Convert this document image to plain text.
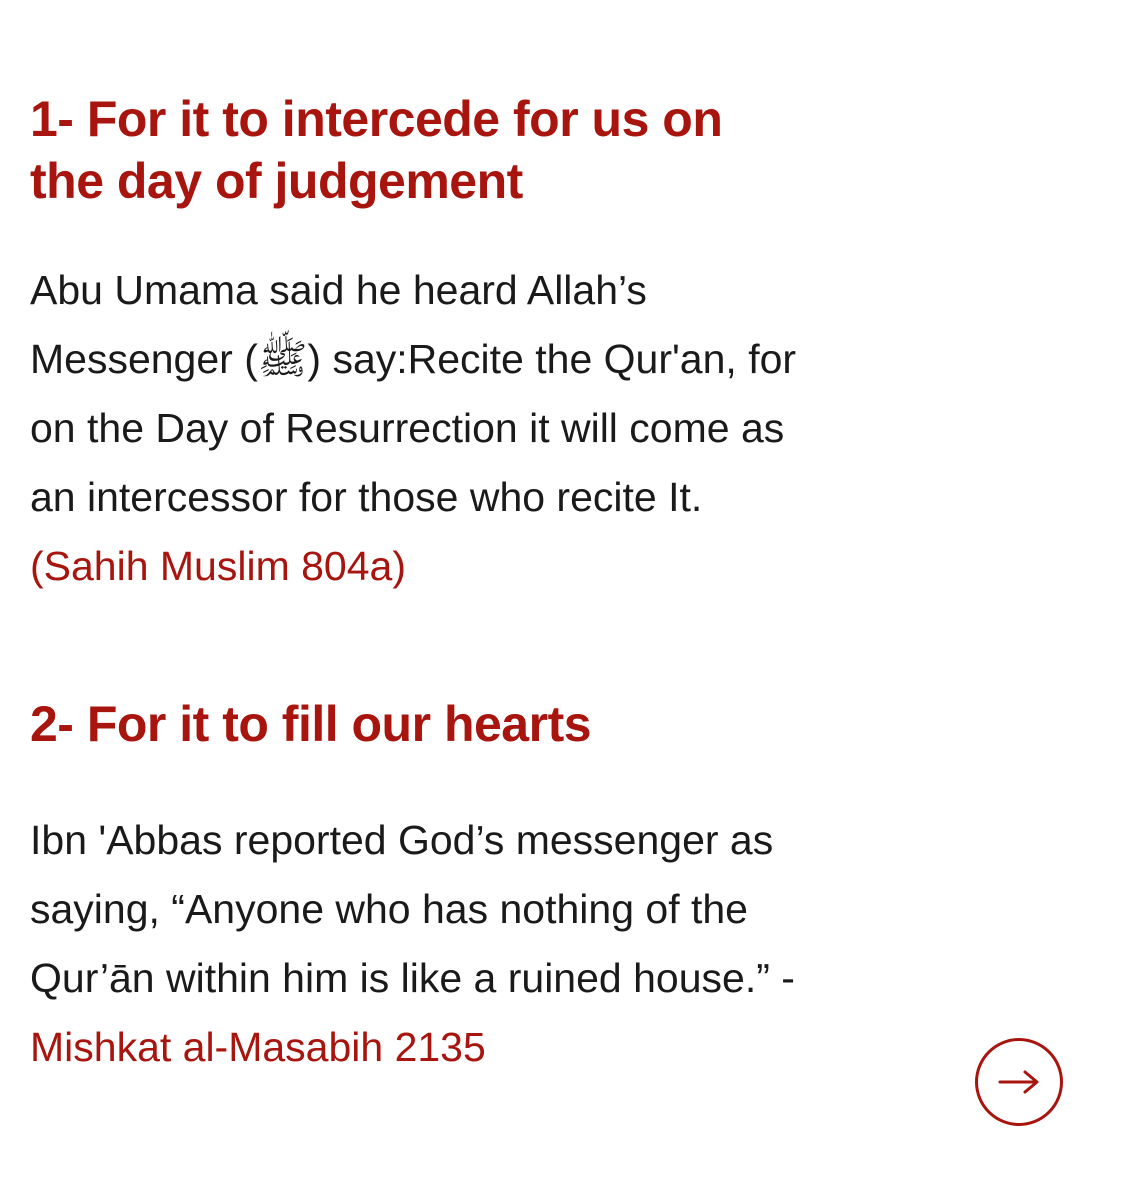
1- For it to intercede for us on
the day of judgement

Abu Umama said he heard Allah’s
Messenger (ﷺ) say:Recite the Qur'an, for
on the Day of Resurrection it will come as
an intercessor for those who recite It.
(Sahih Muslim 804a)

2- For it to fill our hearts

Ibn 'Abbas reported God’s messenger as
saying, “Anyone who has nothing of the
Qur’ān within him is like a ruined house.” -
Mishkat al-Masabih 2135
